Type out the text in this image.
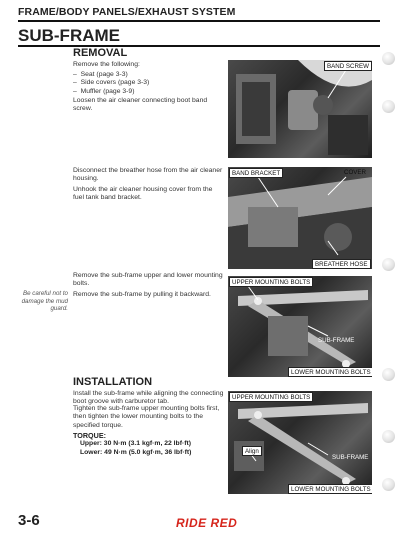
FRAME/BODY PANELS/EXHAUST SYSTEM
SUB-FRAME
REMOVAL
Remove the following:
–  Seat (page 3-3)
–  Side covers (page 3-3)
–  Muffler (page 3-9)
Loosen the air cleaner connecting boot band screw.
Disconnect the breather hose from the air cleaner housing.
Unhook the air cleaner housing cover from the fuel tank band bracket.
Remove the sub-frame upper and lower mounting bolts.
Be careful not to damage the mud guard.
Remove the sub-frame by pulling it backward.
INSTALLATION
Install the sub-frame while aligning the connecting boot groove with carburetor tab.
Tighten the sub-frame upper mounting bolts first, then tighten the lower mounting bolts to the specified torque.
TORQUE:
Upper: 30 N·m (3.1 kgf·m, 22 lbf·ft)
Lower: 49 N·m (5.0 kgf·m, 36 lbf·ft)
BAND SCREW
BAND BRACKET	COVER
BREATHER HOSE
UPPER MOUNTING BOLTS
SUB-FRAME
LOWER MOUNTING BOLTS
UPPER MOUNTING BOLTS
Align
SUB-FRAME
LOWER MOUNTING BOLTS
3-6	RIDE RED
